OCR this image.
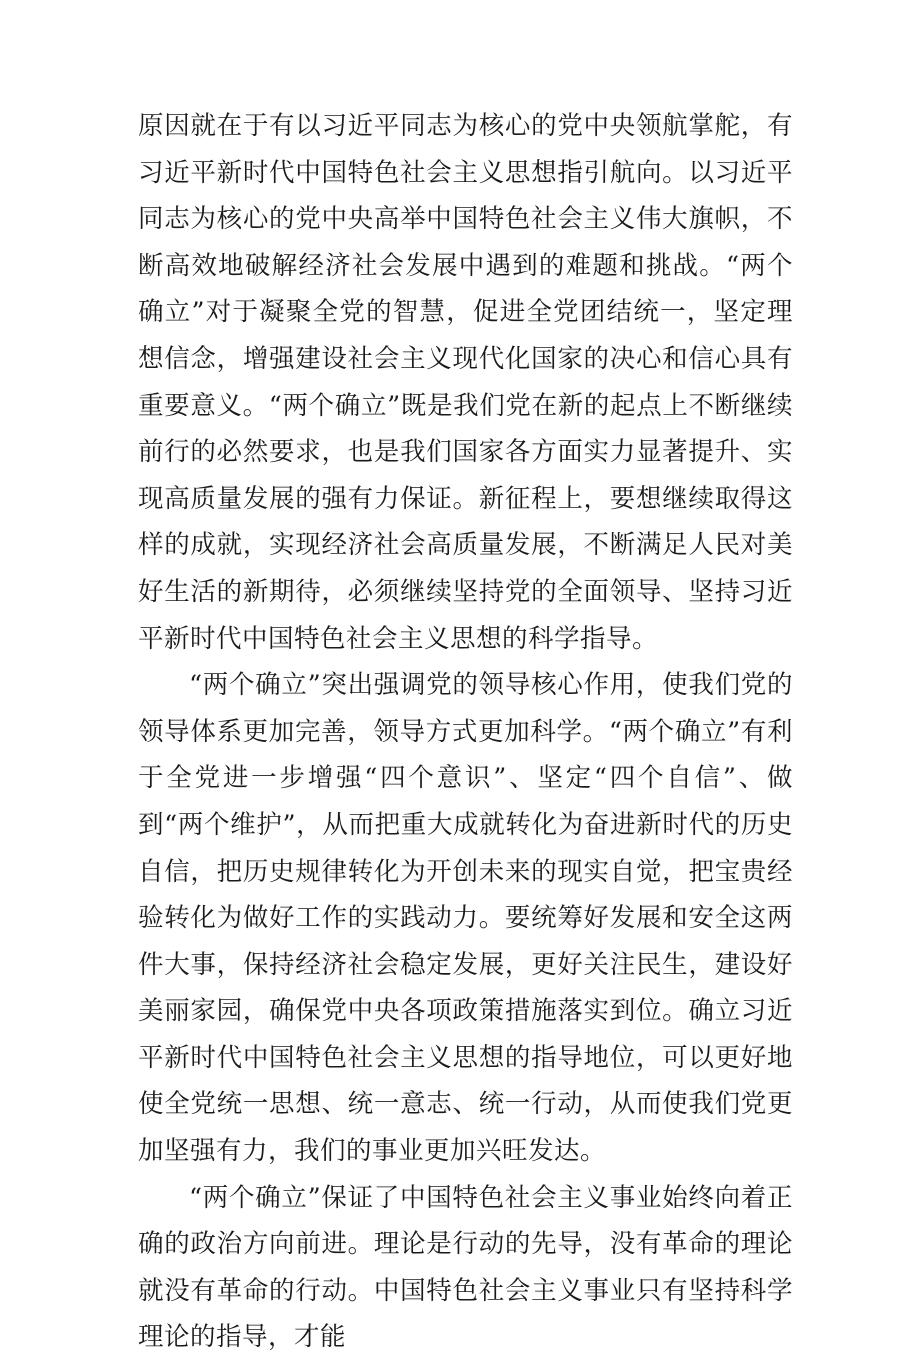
原因就在于有以习近平同志为核心的党中央领航掌舵，有习近平新时代中国特色社会主义思想指引航向。以习近平同志为核心的党中央高举中国特色社会主义伟大旗帜，不断高效地破解经济社会发展中遇到的难题和挑战。“两个确立”对于凝聚全党的智慧，促进全党团结统一，坚定理想信念，增强建设社会主义现代化国家的决心和信心具有重要意义。“两个确立”既是我们党在新的起点上不断继续前行的必然要求，也是我们国家各方面实力显著提升、实现高质量发展的强有力保证。新征程上，要想继续取得这样的成就，实现经济社会高质量发展，不断满足人民对美好生活的新期待，必须继续坚持党的全面领导、坚持习近平新时代中国特色社会主义思想的科学指导。

“两个确立”突出强调党的领导核心作用，使我们党的领导体系更加完善，领导方式更加科学。“两个确立”有利于全党进一步增强“四个意识”、坚定“四个自信”、做到“两个维护”，从而把重大成就转化为奋进新时代的历史自信，把历史规律转化为开创未来的现实自觉，把宝贵经验转化为做好工作的实践动力。要统筹好发展和安全这两件大事，保持经济社会稳定发展，更好关注民生，建设好美丽家园，确保党中央各项政策措施落实到位。确立习近平新时代中国特色社会主义思想的指导地位，可以更好地使全党统一思想、统一意志、统一行动，从而使我们党更加坚强有力，我们的事业更加兴旺发达。

“两个确立”保证了中国特色社会主义事业始终向着正确的政治方向前进。理论是行动的先导，没有革命的理论就没有革命的行动。中国特色社会主义事业只有坚持科学理论的指导，才能
